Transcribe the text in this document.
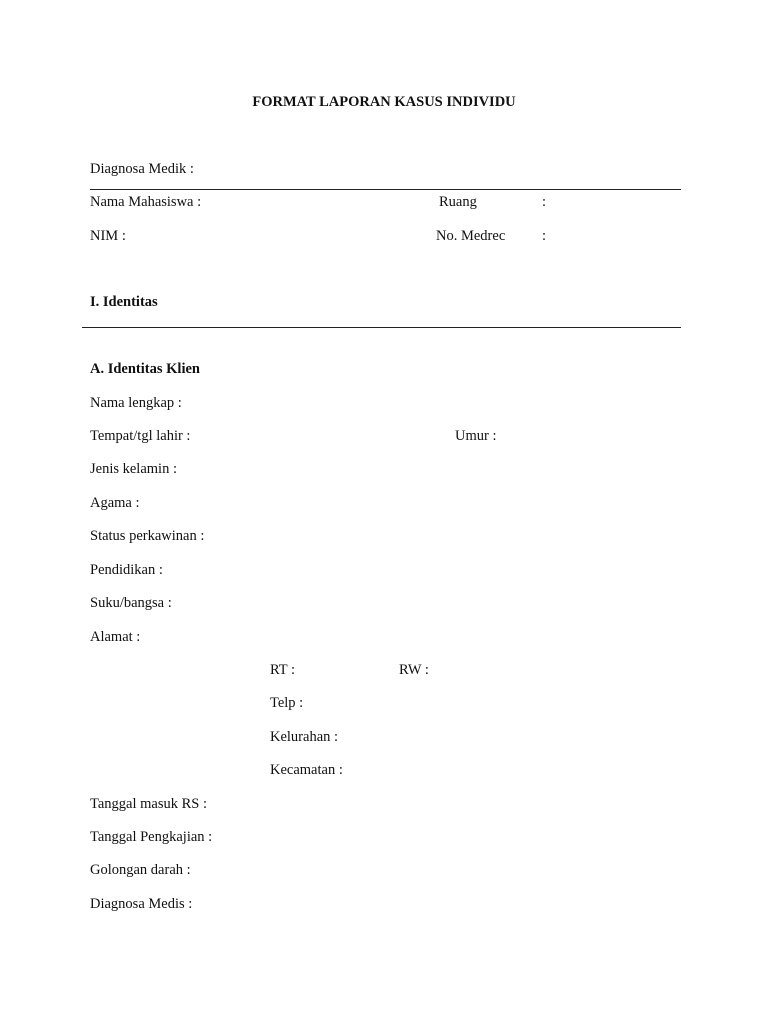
FORMAT LAPORAN KASUS INDIVIDU
Diagnosa Medik :
Nama Mahasiswa :	Ruang	:
NIM :	No. Medrec	:
I. Identitas
A. Identitas Klien
Nama lengkap :
Tempat/tgl lahir :	Umur :
Jenis kelamin :
Agama :
Status perkawinan :
Pendidikan :
Suku/bangsa :
Alamat :
RT :	RW :
Telp :
Kelurahan :
Kecamatan :
Tanggal masuk RS :
Tanggal Pengkajian :
Golongan darah :
Diagnosa Medis :
